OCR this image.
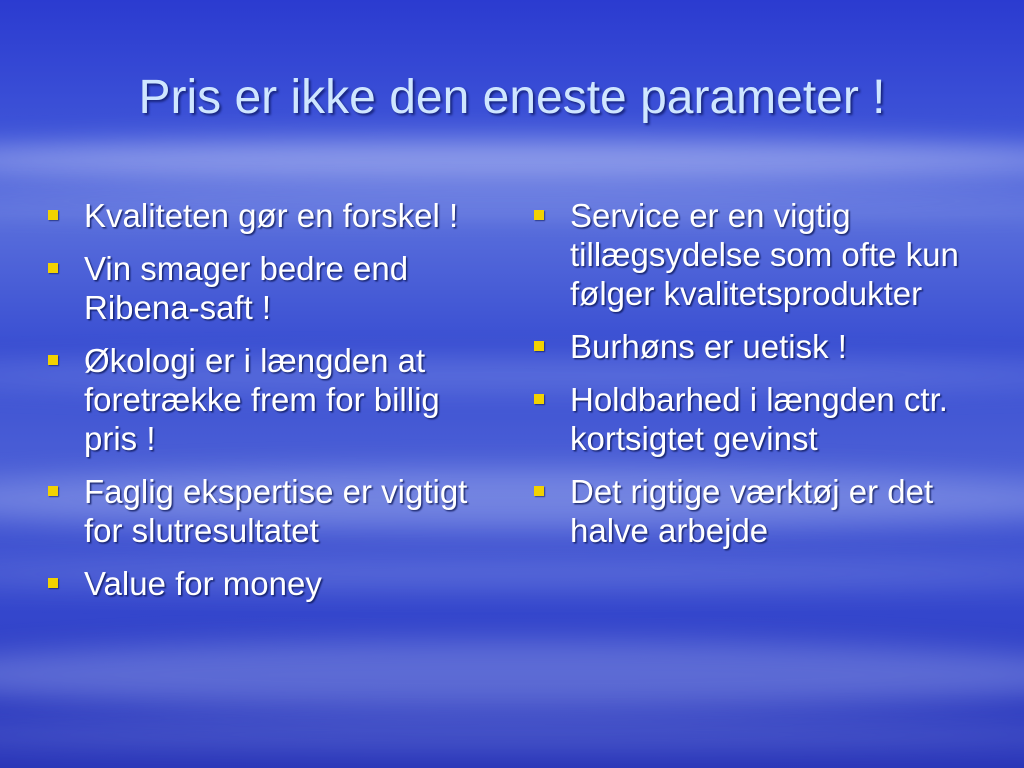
Pris er ikke den eneste parameter !
Kvaliteten gør en forskel !
Vin smager bedre end Ribena-saft !
Økologi er i længden at foretrække frem for billig pris !
Faglig ekspertise er vigtigt for slutresultatet
Value for money
Service er en vigtig tillægsydelse som ofte kun følger kvalitetsprodukter
Burhøns er uetisk !
Holdbarhed i længden ctr. kortsigtet gevinst
Det rigtige værktøj er det halve arbejde
